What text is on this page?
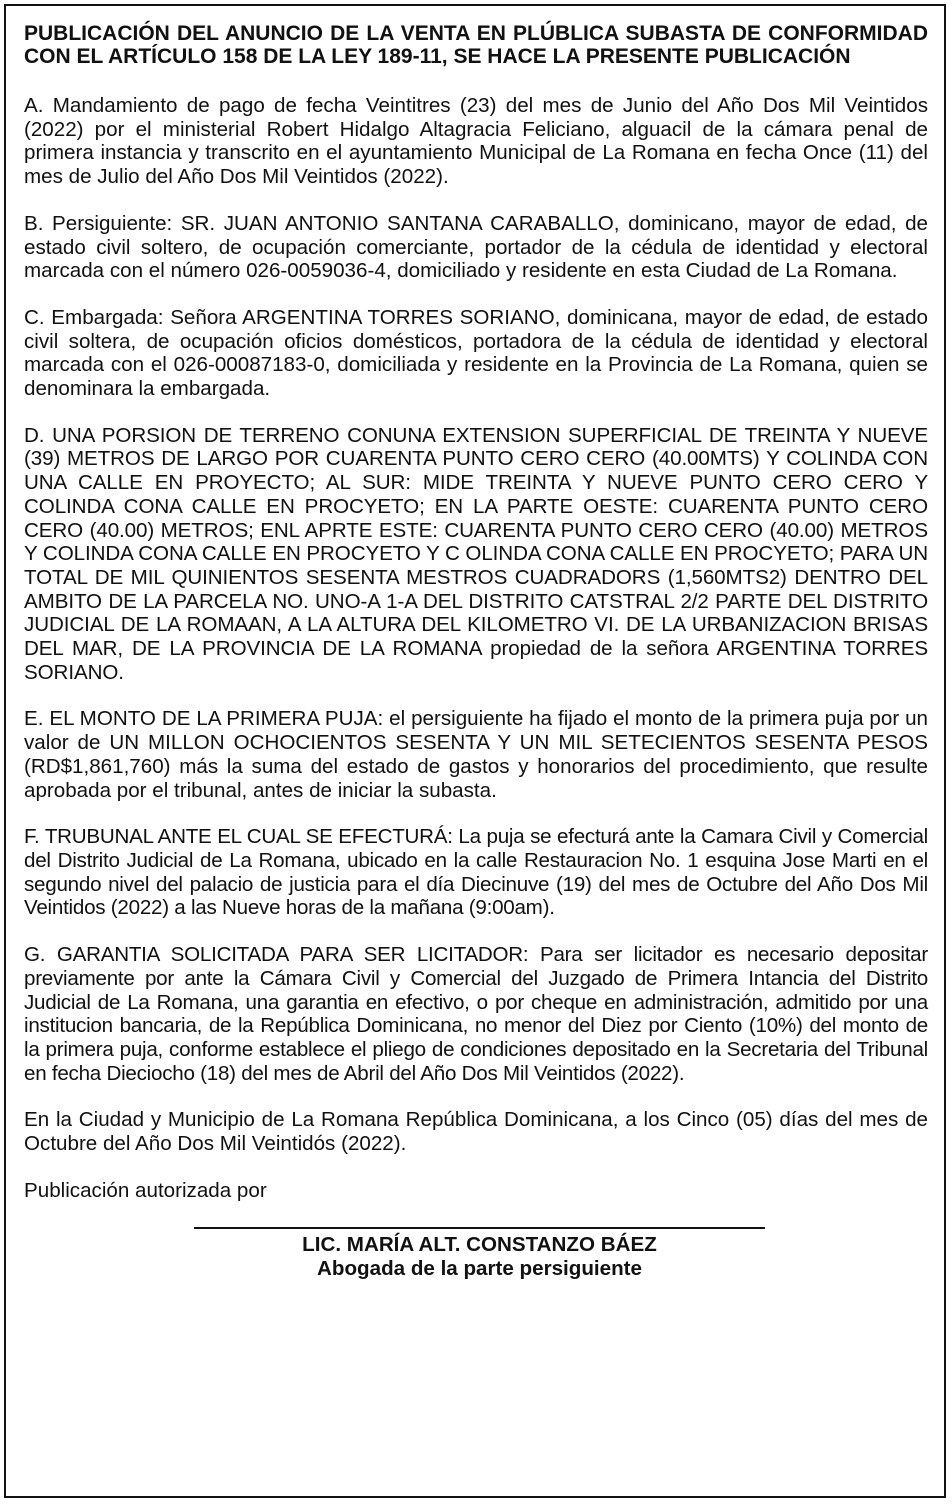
PUBLICACIÓN DEL ANUNCIO DE LA VENTA EN PLÚBLICA SUBASTA DE CONFORMIDAD CON EL ARTÍCULO 158 DE LA LEY 189-11, SE HACE LA PRESENTE PUBLICACIÓN

A. Mandamiento de pago de fecha Veintitres (23) del mes de Junio del Año Dos Mil Veintidos (2022) por el ministerial Robert Hidalgo Altagracia Feliciano, alguacil de la cámara penal de primera instancia y transcrito en el ayuntamiento Municipal de La Romana en fecha Once (11) del mes de Julio del Año Dos Mil Veintidos (2022).

B. Persiguiente: SR. JUAN ANTONIO SANTANA CARABALLO, dominicano, mayor de edad, de estado civil soltero, de ocupación comerciante, portador de la cédula de identidad y electoral marcada con el número 026-0059036-4, domiciliado y residente en esta Ciudad de La Romana.

C. Embargada: Señora ARGENTINA TORRES SORIANO, dominicana, mayor de edad, de estado civil soltera, de ocupación oficios domésticos, portadora de la cédula de identidad y electoral marcada con el 026-00087183-0, domiciliada y residente en la Provincia de La Romana, quien se denominara la embargada.

D. UNA PORSION DE TERRENO CONUNA EXTENSION SUPERFICIAL DE TREINTA Y NUEVE (39) METROS DE LARGO POR CUARENTA PUNTO CERO CERO (40.00MTS) Y COLINDA CON UNA CALLE EN PROYECTO; AL SUR: MIDE TREINTA Y NUEVE PUNTO CERO CERO Y COLINDA CONA CALLE EN PROCYETO; EN LA PARTE OESTE: CUARENTA PUNTO CERO CERO (40.00) METROS; ENL APRTE ESTE: CUARENTA PUNTO CERO CERO (40.00) METROS Y COLINDA CONA CALLE EN PROCYETO Y C OLINDA CONA CALLE EN PROCYETO; PARA UN TOTAL DE MIL QUINIENTOS SESENTA MESTROS CUADRADORS (1,560MTS2) DENTRO DEL AMBITO DE LA PARCELA NO. UNO-A 1-A DEL DISTRITO CATSTRAL 2/2 PARTE DEL DISTRITO JUDICIAL DE LA ROMAAN, A LA ALTURA DEL KILOMETRO VI. DE LA URBANIZACION BRISAS DEL MAR, DE LA PROVINCIA DE LA ROMANA propiedad de la señora ARGENTINA TORRES SORIANO.

E. EL MONTO DE LA PRIMERA PUJA: el persiguiente ha fijado el monto de la primera puja por un valor de UN MILLON OCHOCIENTOS SESENTA Y UN MIL SETECIENTOS SESENTA PESOS (RD$1,861,760) más la suma del estado de gastos y honorarios del procedimiento, que resulte aprobada por el tribunal, antes de iniciar la subasta.

F. TRUBUNAL ANTE EL CUAL SE EFECTURÁ: La puja se efecturá ante la Camara Civil y Comercial del Distrito Judicial de La Romana, ubicado en la calle Restauracion No. 1 esquina Jose Marti en el segundo nivel del palacio de justicia para el día Diecinuve (19) del mes de Octubre del Año Dos Mil Veintidos (2022) a las Nueve horas de la mañana (9:00am).

G. GARANTIA SOLICITADA PARA SER LICITADOR: Para ser licitador es necesario depositar previamente por ante la Cámara Civil y Comercial del Juzgado de Primera Intancia del Distrito Judicial de La Romana, una garantia en efectivo, o por cheque en administración, admitido por una institucion bancaria, de la República Dominicana, no menor del Diez por Ciento (10%) del monto de la primera puja, conforme establece el pliego de condiciones depositado en la Secretaria del Tribunal en fecha Dieciocho (18) del mes de Abril del Año Dos Mil Veintidos (2022).

En la Ciudad y Municipio de La Romana República Dominicana, a los Cinco (05) días del mes de Octubre del Año Dos Mil Veintidós (2022).

Publicación autorizada por
LIC. MARÍA ALT. CONSTANZO BÁEZ
Abogada de la parte persiguiente
